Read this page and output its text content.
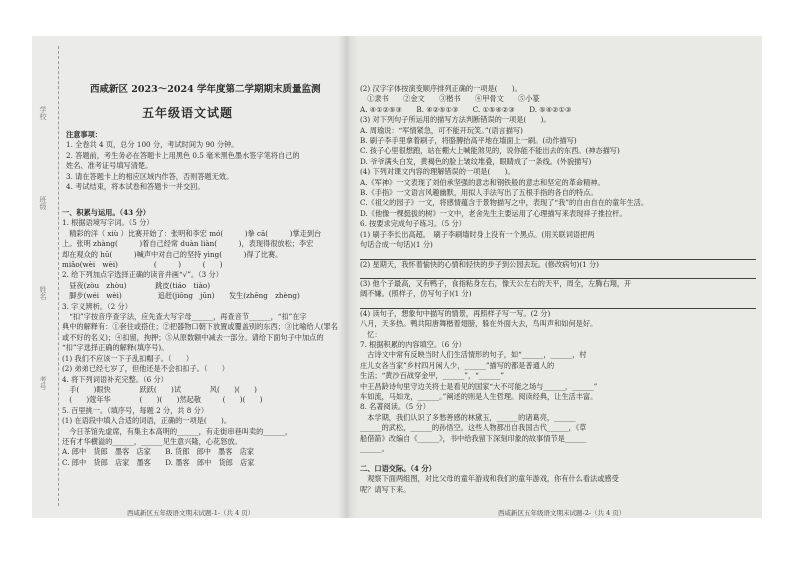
学校
班级
姓名
考号
西咸新区 2023～2024 学年度第二学期期末质量监测
五年级语文试题
注意事项：
1. 全卷共 4 页，总分 100 分，考试时间为 90 分钟。
2. 答题前，考生务必在答题卡上用黑色 0.5 毫米黑色墨水签字笔将自己的
姓名、准考证号填写清楚。
3. 请在答题卡上的相应区域内作答，否则答题无效。
4. 考试结束，将本试卷和答题卡一并交回。
一、积累与运用。（43 分）
1. 根据语境写字词。（5 分）
　精彩的洋（ xiù ）比赛开始了：张明和李宏 mó(　　　)拳 cā(　　　)掌走到台
上。张明 zhàng(　　　)着自己经常 duàn liàn(　　　)，表现得很放松；李宏
却在观众的 hū(　　　)喊声中对自己的坚持 yìng(　　　)得了比赛。
miǎo(wèi　wèi)　　　　　(　　　)　　　(　　)
2. 给下列加点字选择正确的读音并画“√”。（3 分）
　昼夜(zòu　zhòu)　　　　跳皮(tiáo　tiào)
　脚步(wéi　wèi)　　　　　追赶(jiōng　jūn)　　发生(zhēng　zhèng)
3. 字义辨析。（2 分）
　“扣”字按音序查字法，应先查大写字母______，再查音节______，“扣”在字
典中的解释有：①套住或搭住；②把器物口朝下放置或覆盖别的东西；③比喻给人(罪名
或不好的名义)；④扣留，拘押；⑤从原数额中减去一部分。请给下面句子中加点的
“扣”字选择正确的解释(填序号)。
(1) 我们不应该一下子乱扣帽子。（　　）
(2) 弟弟已经七岁了，但他还是不会扣扣子。（　　）
4. 将下列词语补充完整。（6 分）
　手(　　)眼快　　　　跃跃(　　)试　　　　风(　　)(　　)
　(　　)蔻年华　　　　(　　)(　　)然起敬　　　(　　)(　　)
5. 百里挑一。（填序号，每题 2 分，共 8 分）
(1) 在语段中填入合适的词语，正确的一项是(　　)。
　今日茶馆先虚席，有集主本高明的______，有走街串巷叫卖的______，
还有才华横溢的______，______见生意兴隆，心花怒放。
A. 郎中　货郎　墨客　店家　　B. 货郎　郎中　墨客　店家
C. 郎中　货郎　店家　墨客　　D. 墨客　郎中　货郎　店家
西咸新区五年级语文期末试题-1-（共 4 页）
(2) 汉字字体按演变顺序排列正确的一项是(　　)。
　①隶书　　②金文　　③楷书　　④甲骨文　　⑤小篆
A. ④①②⑤③　　B. ④②⑤①③　　C. ①⑤④②③　　D. ⑤④②①③
(3) 对下列句子所运用的描写方法判断错误的一项是(　　)。
A. 周瑜说：“军情紧急，可不能开玩笑。”(语言描写)
B. 刷子李手里拿着刷子，将胳膊抬高平地在墙面上一刷。(动作描写)
C. 孩子心里很想跑，站在棚大上喊能煞见的，说你能不能出去的东西。(神态描写)
D. 爷爷满头白发，黄褐色的脸上皱纹堆叠，眼睛成了一条线。(外貌描写)
(4) 下列对课文内容的理解错误的一项是(　　)。
A.《军神》一文表现了刘伯承坚强的意志和钢铁般的意志和坚定的革命精神。
B.《手指》一文语言风趣幽默，用拟人手法写出了五根手指的各自的特点。
C.《祖父的园子》一文，将感情蕴含于景物描写之中，表现了“我”的自由自在的童年生活。
D.《他像一棵挺拔的树》一文中，老舍先生主要运用了心理描写来表现祥子推拉杆。
6. 按要求完成句子练习。（5 分）
(1) 刷子李长出高超。　刷子李刷墙时身上没有一个黑点。(用关联词语把两
句话合成一句话)(1 分)
(2) 星期天，我怀着愉快的心情和轻快的步子到公园去玩。(修改病句)(1 分)
(3) 他个子最高，又有鸭子，食指粘身左右，像天公左右的天平，周全，左腾右翔，开
阔不嫌。(照样子，仿写句子)(1 分)
(4) 读句子，想象句中描写的情景，再照样子写一写。(2 分)
八月，天多热。鸭共阳唐舞楷着翅膀，躲在外面大去，鸟叫声和如何是好。
　忆：
7. 根据积累的内容填空。（6 分）
　古诗文中常有反映当时人们生活情形的句子，如“______，______，村
庄儿女各当家”乡村四月闲人少，______”描写的都是普通人的
生活；“黄沙百战穿金甲，______”，“______”
中王昌龄诗句里守边关将士是看见的国家“大不可能之场与______，______”
车如流，马如龙，______。”阐述的则是人生哲理。阅读经典，让生活丰富。
8. 名著阅读。（5 分）
　本学期，我们认识了多愁善感的林黛玉，______的诸葛亮，______
______的武松，______的孙悟空。这些人物都出自我国古代______，《草
船借箭》改编自《______》，书中给我留下深刻印象的故事情节是______
______。
二、口语交际。（4 分）
　观察下面两组图，对比父母的童年游戏和我们的童年游戏，你有什么看法或感受
呢？请写下来。
西咸新区五年级语文期末试题-2-（共 4 页）
